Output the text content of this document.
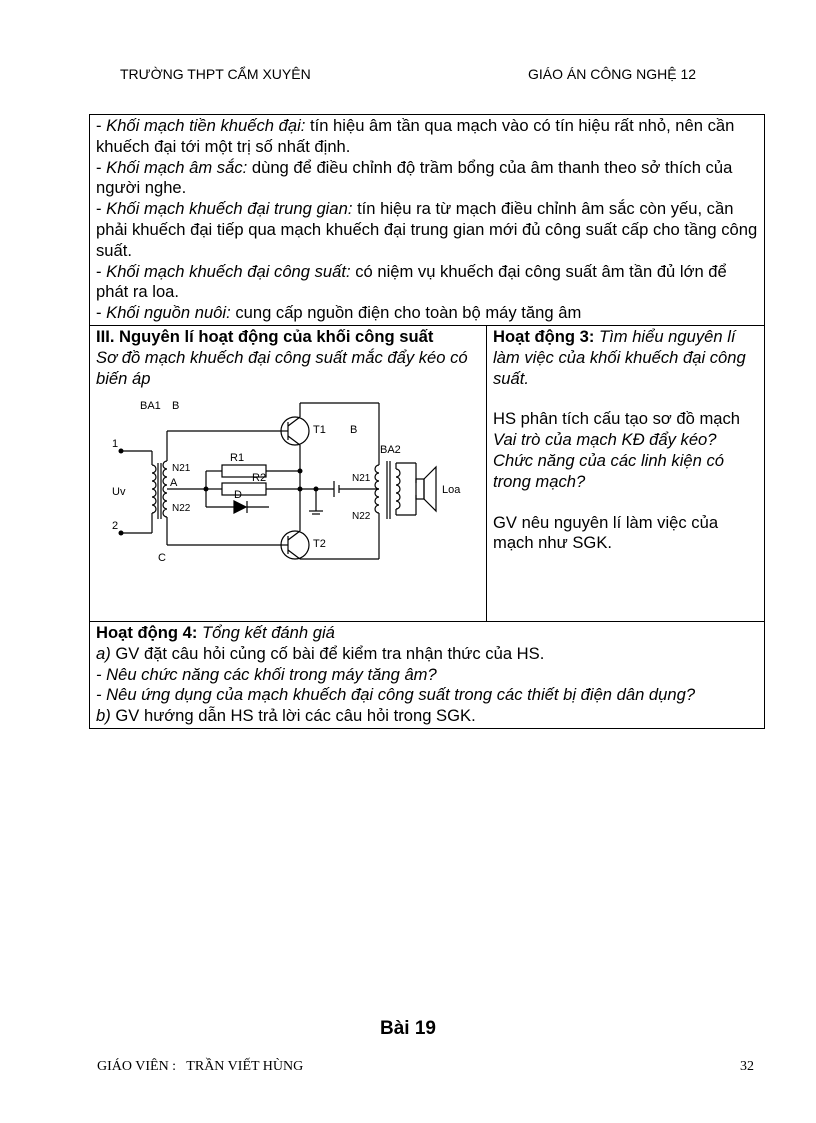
TRƯỜNG THPT CẨM XUYÊN	GIÁO ÁN CÔNG NGHỆ 12

- Khối mạch tiền khuếch đại: tín hiệu âm tần qua mạch vào có tín hiệu rất nhỏ, nên cần khuếch đại tới một trị số nhất định.

- Khối mạch âm sắc: dùng để điều chỉnh độ trầm bổng của âm thanh theo sở thích của người nghe.

- Khối mạch khuếch đại trung gian: tín hiệu ra từ mạch điều chỉnh âm sắc còn yếu, cần phải khuếch đại tiếp qua mạch khuếch đại trung gian mới đủ công suất cấp cho tầng công suất.

- Khối mạch khuếch đại công suất: có niệm vụ khuếch đại công suất âm tần đủ lớn để phát ra loa.

- Khối nguồn nuôi: cung cấp nguồn điện cho toàn bộ máy tăng âm

III. Nguyên lí hoạt động của khối công suất

Sơ đồ mạch khuếch đại công suất mắc đẩy kéo có biến áp

BA1 B
1
2
Uv
N21
A
N22
C
R1
R2
D
T1
T2
B
BA2
N21
N22
Loa

Hoạt động 3: Tìm hiểu nguyên lí làm việc của khối khuếch đại công suất.

HS phân tích cấu tạo sơ đồ mạch

Vai trò của mạch KĐ đẩy kéo? Chức năng của các linh kiện có trong mạch?

GV nêu nguyên lí làm việc của mạch như SGK.

Hoạt động 4: Tổng kết đánh giá

a) GV đặt câu hỏi củng cố bài để kiểm tra nhận thức của HS.

- Nêu chức năng các khối trong máy tăng âm?

- Nêu ứng dụng của mạch khuếch đại công suất trong các thiết bị điện dân dụng?

b) GV hướng dẫn HS trả lời các câu hỏi trong SGK.

Bài 19
GIÁO VIÊN :   TRẦN VIẾT HÙNG	32
